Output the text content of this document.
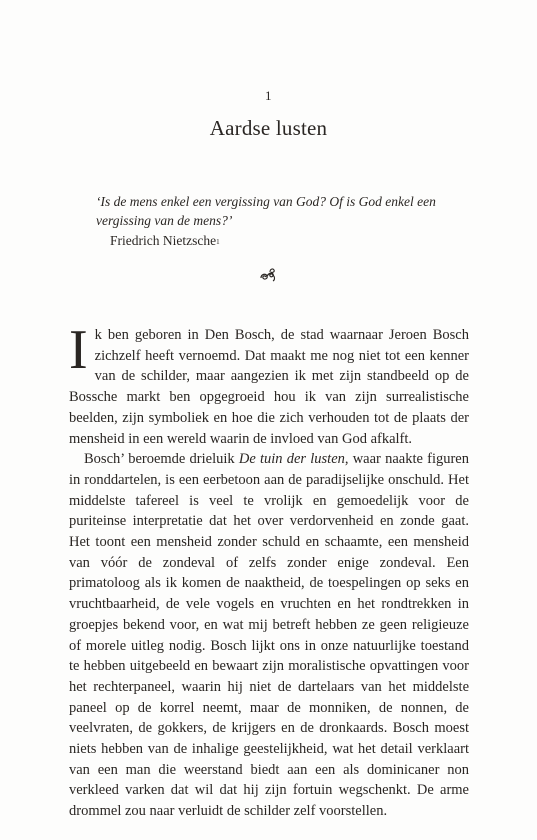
1
Aardse lusten

‘Is de mens enkel een vergissing van God? Of is God enkel een vergissing van de mens?’

Friedrich Nietzsche$^1$

Ik ben geboren in Den Bosch, de stad waarnaar Jeroen Bosch zichzelf heeft vernoemd. Dat maakt me nog niet tot een kenner van de schilder, maar aangezien ik met zijn standbeeld op de Bossche markt ben opgegroeid hou ik van zijn surrealistische beelden, zijn symboliek en hoe die zich verhouden tot de plaats der mensheid in een wereld waarin de invloed van God afkalft.

Bosch’ beroemde drieluik De tuin der lusten, waar naakte figuren in ronddartelen, is een eerbetoon aan de paradijselijke onschuld. Het middelste tafereel is veel te vrolijk en gemoedelijk voor de puriteinse interpretatie dat het over verdorvenheid en zonde gaat. Het toont een mensheid zonder schuld en schaamte, een mensheid van vóór de zondeval of zelfs zonder enige zondeval. Een primatoloog als ik komen de naaktheid, de toespelingen op seks en vruchtbaarheid, de vele vogels en vruchten en het rondtrekken in groepjes bekend voor, en wat mij betreft hebben ze geen religieuze of morele uitleg nodig. Bosch lijkt ons in onze natuurlijke toestand te hebben uitgebeeld en bewaart zijn moralistische opvattingen voor het rechterpaneel, waarin hij niet de dartelaars van het middelste paneel op de korrel neemt, maar de monniken, de nonnen, de veelvraten, de gokkers, de krijgers en de dronkaards. Bosch moest niets hebben van de inhalige geestelijkheid, wat het detail verklaart van een man die weerstand biedt aan een als dominicaner non verkleed varken dat wil dat hij zijn fortuin wegschenkt. De arme drommel zou naar verluidt de schilder zelf voorstellen.
